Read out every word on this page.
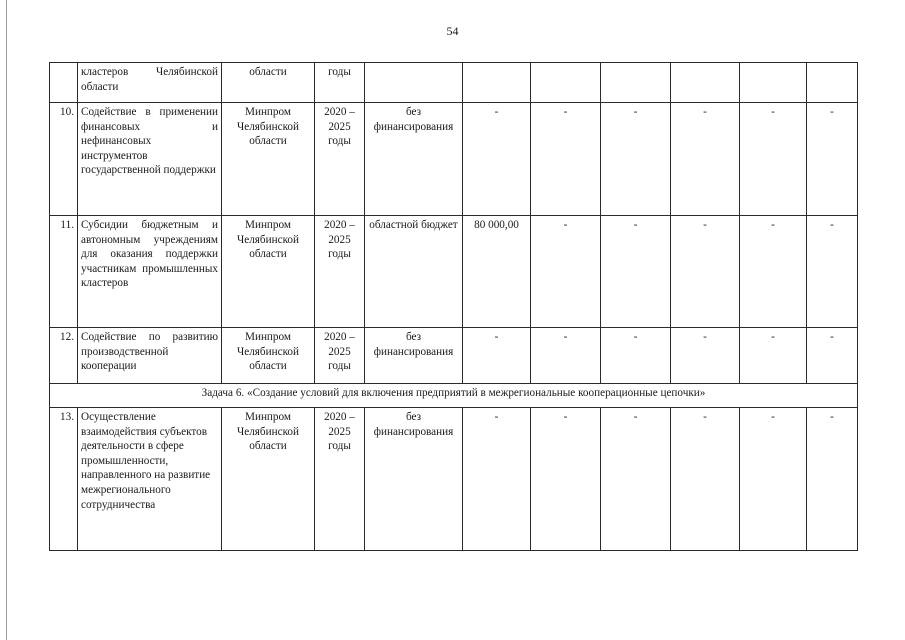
54
	кластеров Челябинской области	области	годы							
10.	Содействие в применении финансовых и нефинансовых инструментов государственной поддержки	Минпром Челябинской области	2020 – 2025 годы	без финансирования	-	-	-	-	-	-
11.	Субсидии бюджетным и автономным учреждениям для оказания поддержки участникам промышленных кластеров	Минпром Челябинской области	2020 – 2025 годы	областной бюджет	80 000,00	-	-	-	-	-
12.	Содействие по развитию производственной кооперации	Минпром Челябинской области	2020 – 2025 годы	без финансирования	-	-	-	-	-	-
Задача 6. «Создание условий для включения предприятий в межрегиональные кооперационные цепочки»										
13.	Осуществление взаимодействия субъектов деятельности в сфере промышленности, направленного на развитие межрегионального сотрудничества	Минпром Челябинской области	2020 – 2025 годы	без финансирования	-	-	-	-	-	-
